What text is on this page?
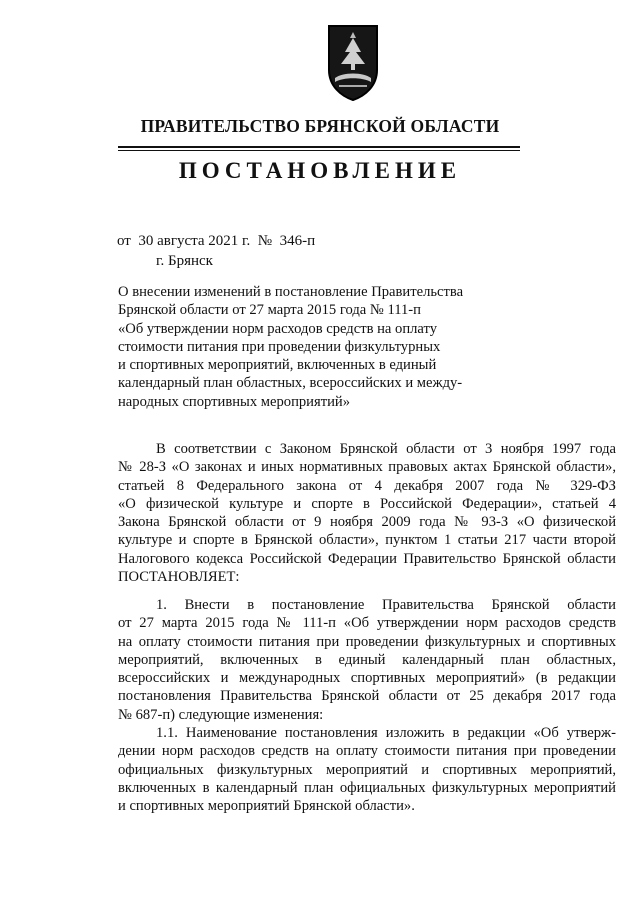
ПРАВИТЕЛЬСТВО БРЯНСКОЙ ОБЛАСТИ
ПОСТАНОВЛЕНИЕ
от  30 августа 2021 г.  №  346-п
г. Брянск
О внесении изменений в постановление Правительства
Брянской области от 27 марта 2015 года № 111-п
«Об утверждении норм расходов средств на оплату
стоимости питания при проведении физкультурных
и спортивных мероприятий, включенных в единый
календарный план областных, всероссийских и между-
народных спортивных мероприятий»
В соответствии с Законом Брянской области от 3 ноября 1997 года
№ 28-З «О законах и иных нормативных правовых актах Брянской области»,
статьей 8 Федерального закона от 4 декабря 2007 года № 329-ФЗ
«О физической культуре и спорте в Российской Федерации», статьей 4
Закона Брянской области от 9 ноября 2009 года № 93-З «О физической
культуре и спорте в Брянской области», пунктом 1 статьи 217 части второй
Налогового кодекса Российской Федерации Правительство Брянской области
ПОСТАНОВЛЯЕТ:
1. Внести в постановление Правительства Брянской области
от 27 марта 2015 года № 111-п «Об утверждении норм расходов средств
на оплату стоимости питания при проведении физкультурных и спортивных
мероприятий, включенных в единый календарный план областных,
всероссийских и международных спортивных мероприятий» (в редакции
постановления Правительства Брянской области от 25 декабря 2017 года
№ 687-п) следующие изменения:
1.1. Наименование постановления изложить в редакции «Об утверж-
дении норм расходов средств на оплату стоимости питания при проведении
официальных физкультурных мероприятий и спортивных мероприятий,
включенных в календарный план официальных физкультурных мероприятий
и спортивных мероприятий Брянской области».
